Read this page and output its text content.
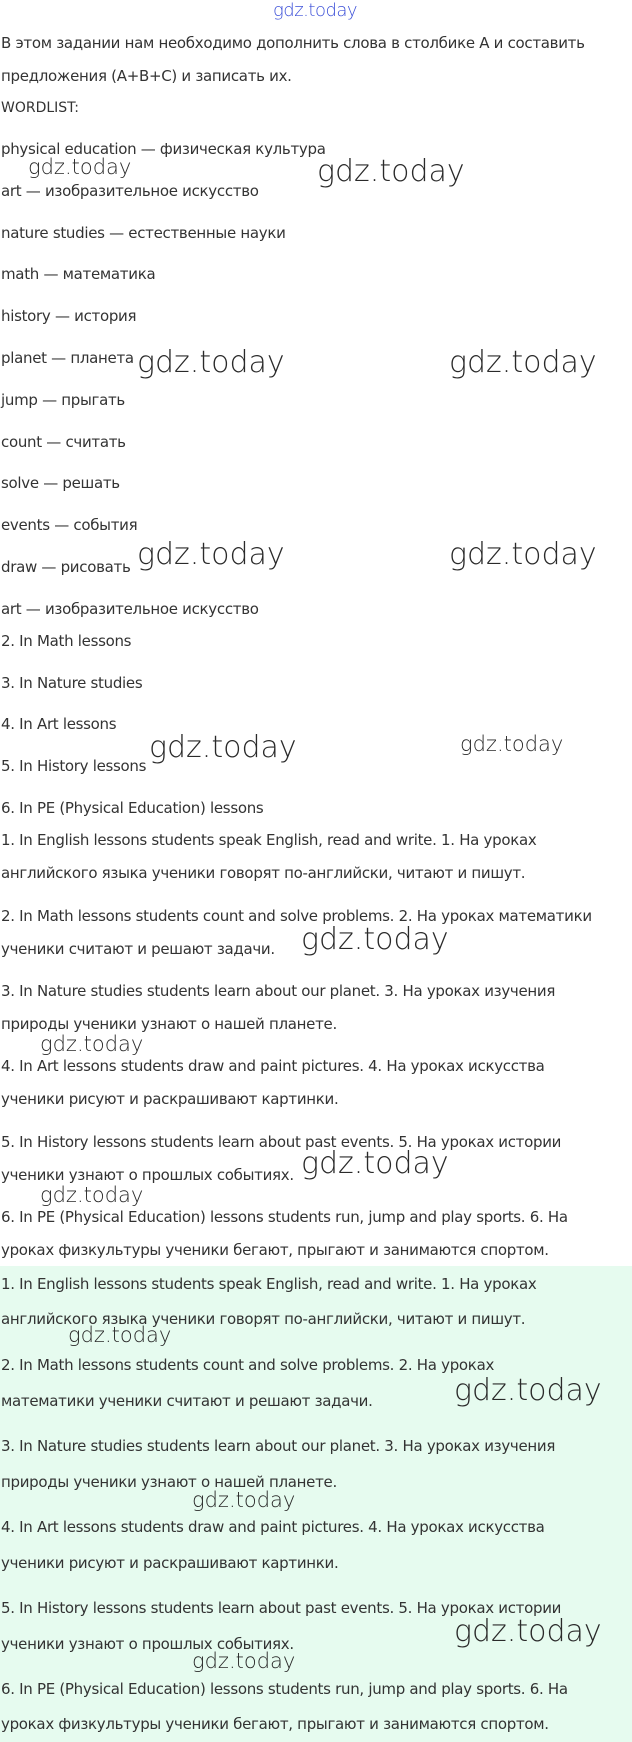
В этом задании нам необходимо дополнить слова в столбике А и составить
предложения (A+B+C) и записать их.
WORDLIST:
physical education — физическая культура
art — изобразительное искусство
nature studies — естественные науки
math — математика
history — история
planet — планета
jump — прыгать
count — считать
solve — решать
events — события
draw — рисовать
art — изобразительное искусство
2. In Math lessons
3. In Nature studies
4. In Art lessons
5. In History lessons
6. In PE (Physical Education) lessons
1. In English lessons students speak English, read and write. 1. На уроках
английского языка ученики говорят по-английски, читают и пишут.
2. In Math lessons students count and solve problems. 2. На уроках математики
ученики считают и решают задачи.
3. In Nature studies students learn about our planet. 3. На уроках изучения
природы ученики узнают о нашей планете.
4. In Art lessons students draw and paint pictures. 4. На уроках искусства
ученики рисуют и раскрашивают картинки.
5. In History lessons students learn about past events. 5. На уроках истории
ученики узнают о прошлых событиях.
6. In PE (Physical Education) lessons students run, jump and play sports. 6. На
уроках физкультуры ученики бегают, прыгают и занимаются спортом.
1. In English lessons students speak English, read and write. 1. На уроках
английского языка ученики говорят по-английски, читают и пишут.
2. In Math lessons students count and solve problems. 2. На уроках
математики ученики считают и решают задачи.
3. In Nature studies students learn about our planet. 3. На уроках изучения
природы ученики узнают о нашей планете.
4. In Art lessons students draw and paint pictures. 4. На уроках искусства
ученики рисуют и раскрашивают картинки.
5. In History lessons students learn about past events. 5. На уроках истории
ученики узнают о прошлых событиях.
6. In PE (Physical Education) lessons students run, jump and play sports. 6. На
уроках физкультуры ученики бегают, прыгают и занимаются спортом.
gdz.today
gdz.today	gdz.today
gdz.today	gdz.today
gdz.today	gdz.today
gdz.today	gdz.today
gdz.today
gdz.today
gdz.today
gdz.today
gdz.today
gdz.today
gdz.today
gdz.today
gdz.today
